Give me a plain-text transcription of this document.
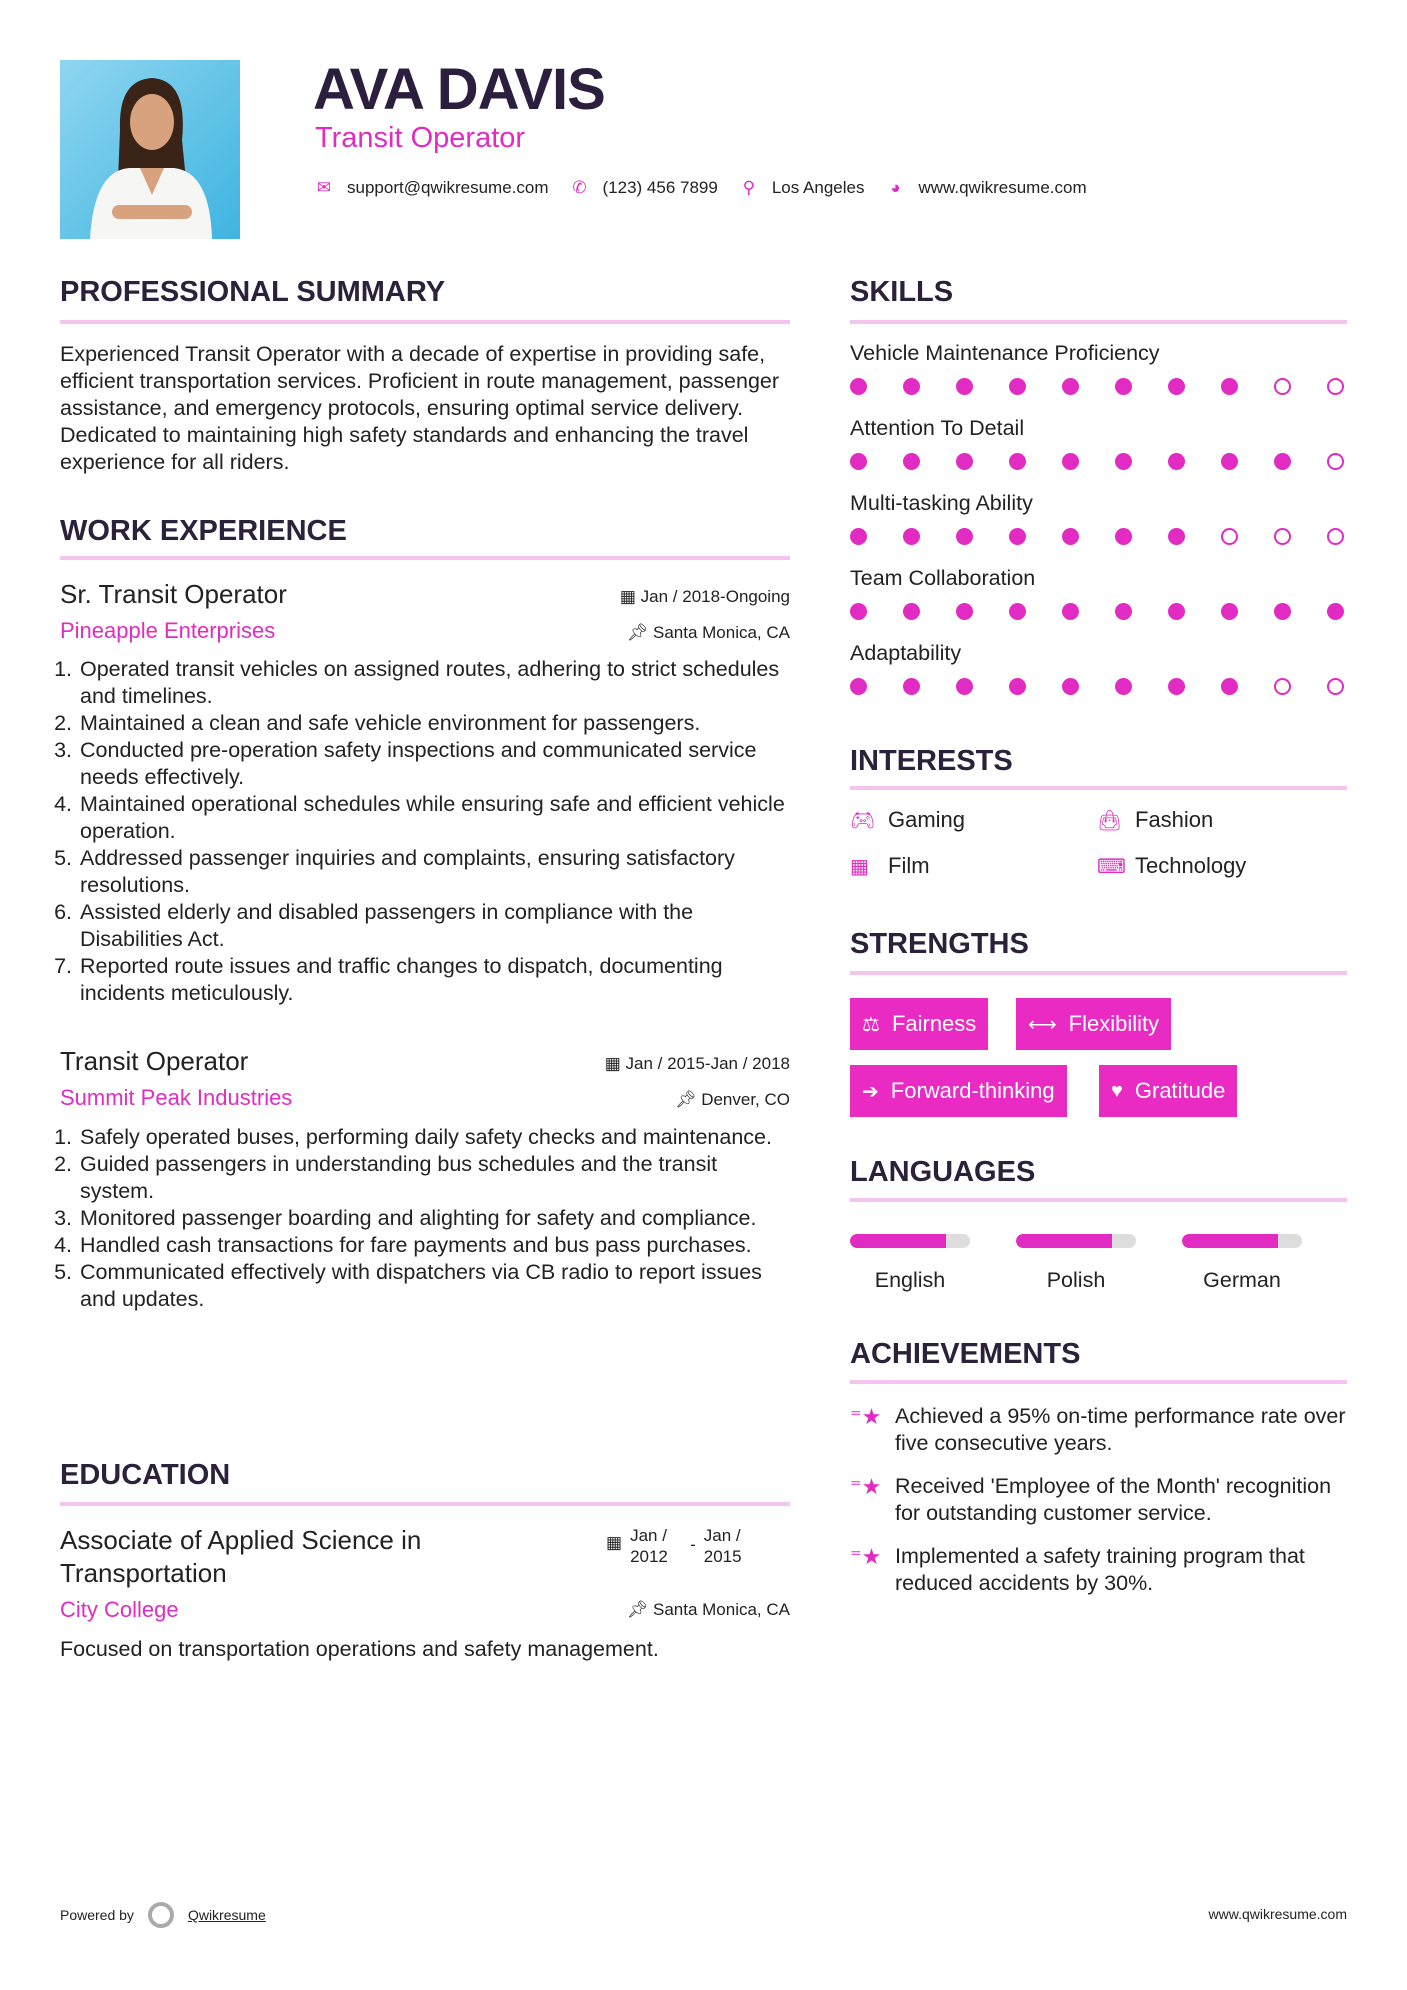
AVA DAVIS
Transit Operator
✉ support@qwikresume.com ✆ (123) 456 7899 ⚲ Los Angeles ◕ www.qwikresume.com
PROFESSIONAL SUMMARY
Experienced Transit Operator with a decade of expertise in providing safe, efficient transportation services. Proficient in route management, passenger assistance, and emergency protocols, ensuring optimal service delivery. Dedicated to maintaining high safety standards and enhancing the travel experience for all riders.
WORK EXPERIENCE
Sr. Transit Operator	▦ Jan / 2018-Ongoing
Pineapple Enterprises	📌︎ Santa Monica, CA
1. Operated transit vehicles on assigned routes, adhering to strict schedules and timelines.
2. Maintained a clean and safe vehicle environment for passengers.
3. Conducted pre-operation safety inspections and communicated service needs effectively.
4. Maintained operational schedules while ensuring safe and efficient vehicle operation.
5. Addressed passenger inquiries and complaints, ensuring satisfactory resolutions.
6. Assisted elderly and disabled passengers in compliance with the Disabilities Act.
7. Reported route issues and traffic changes to dispatch, documenting incidents meticulously.
Transit Operator	▦ Jan / 2015-Jan / 2018
Summit Peak Industries	📌︎ Denver, CO
1. Safely operated buses, performing daily safety checks and maintenance.
2. Guided passengers in understanding bus schedules and the transit system.
3. Monitored passenger boarding and alighting for safety and compliance.
4. Handled cash transactions for fare payments and bus pass purchases.
5. Communicated effectively with dispatchers via CB radio to report issues and updates.
EDUCATION
Associate of Applied Science in Transportation
▦ Jan / 2012
- Jan / 2015
City College	📌︎ Santa Monica, CA
Focused on transportation operations and safety management.
SKILLS
Vehicle Maintenance Proficiency
Attention To Detail
Multi-tasking Ability
Team Collaboration
Adaptability
INTERESTS
🎮︎ Gaming	👜︎ Fashion
▦ Film	⌨ Technology
STRENGTHS
⚖ Fairness	⟷ Flexibility
➔ Forward-thinking	♥ Gratitude
LANGUAGES
English	Polish	German
ACHIEVEMENTS
⁼★ Achieved a 95% on-time performance rate over five consecutive years.
⁼★ Received 'Employee of the Month' recognition for outstanding customer service.
⁼★ Implemented a safety training program that reduced accidents by 30%.
Powered by	Qwikresume	www.qwikresume.com
